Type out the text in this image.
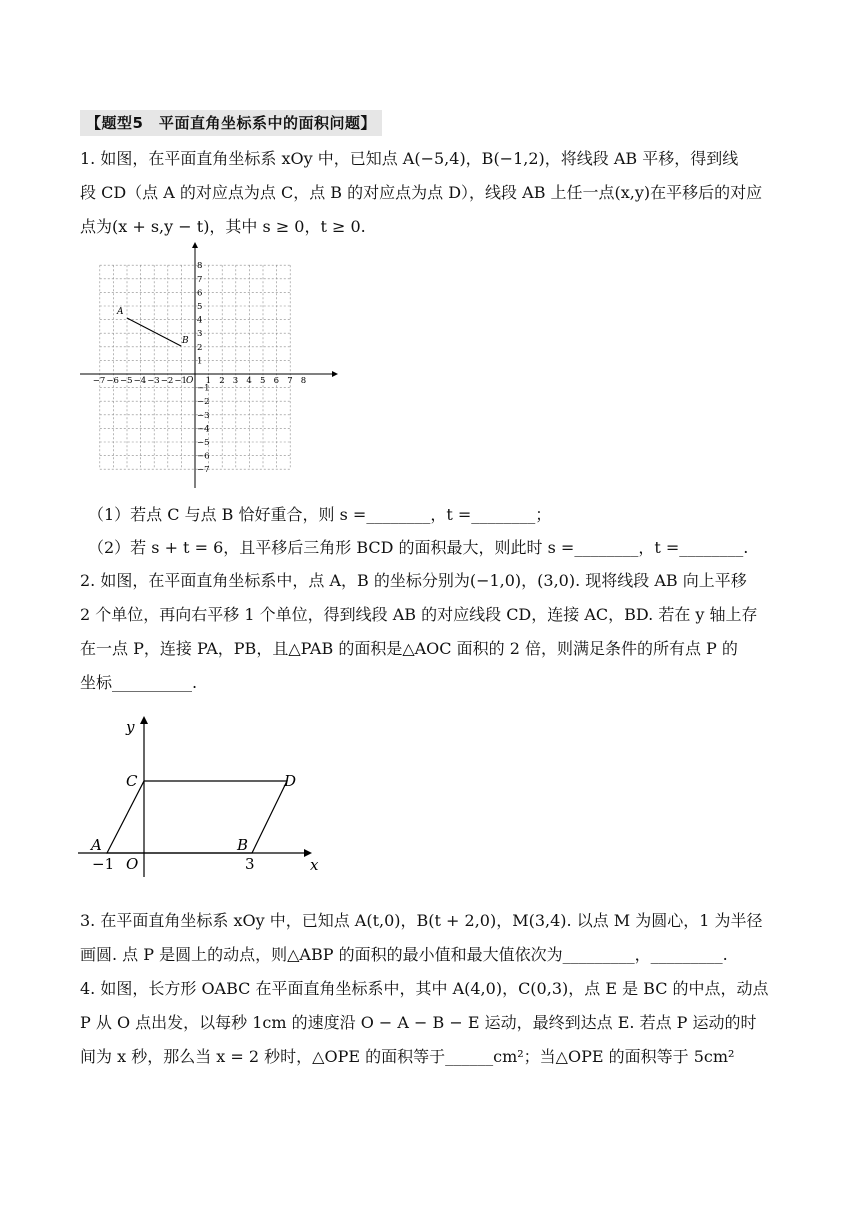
【题型5　平面直角坐标系中的面积问题】
1. 如图，在平面直角坐标系 xOy 中，已知点 A(−5,4)，B(−1,2)，将线段 AB 平移，得到线
段 CD（点 A 的对应点为点 C，点 B 的对应点为点 D），线段 AB 上任一点(x,y)在平移后的对应
点为(x + s,y − t)，其中 s ≥ 0，t ≥ 0.
−7 −6 −5 −4 −3 −2 −1 1 2 3 4 5 6 7 8
1
2
3
4
5
6
7
8
−1
−2
−3
−4
−5
−6
−7
O
A
B
（1）若点 C 与点 B 恰好重合，则 s =________，t =________；
（2）若 s + t = 6，且平移后三角形 BCD 的面积最大，则此时 s =________，t =________.
2. 如图，在平面直角坐标系中，点 A，B 的坐标分别为(−1,0)，(3,0). 现将线段 AB 向上平移
2 个单位，再向右平移 1 个单位，得到线段 AB 的对应线段 CD，连接 AC，BD. 若在 y 轴上存
在一点 P，连接 PA，PB，且△PAB 的面积是△AOC 面积的 2 倍，则满足条件的所有点 P 的
坐标__________.
y
x
C	D
A	B
O
−1	3
3. 在平面直角坐标系 xOy 中，已知点 A(t,0)，B(t + 2,0)，M(3,4). 以点 M 为圆心，1 为半径
画圆. 点 P 是圆上的动点，则△ABP 的面积的最小值和最大值依次为_________，_________.
4. 如图，长方形 OABC 在平面直角坐标系中，其中 A(4,0)，C(0,3)，点 E 是 BC 的中点，动点
P 从 O 点出发，以每秒 1cm 的速度沿 O − A − B − E 运动，最终到达点 E. 若点 P 运动的时
间为 x 秒，那么当 x = 2 秒时，△OPE 的面积等于______cm²；当△OPE 的面积等于 5cm²
